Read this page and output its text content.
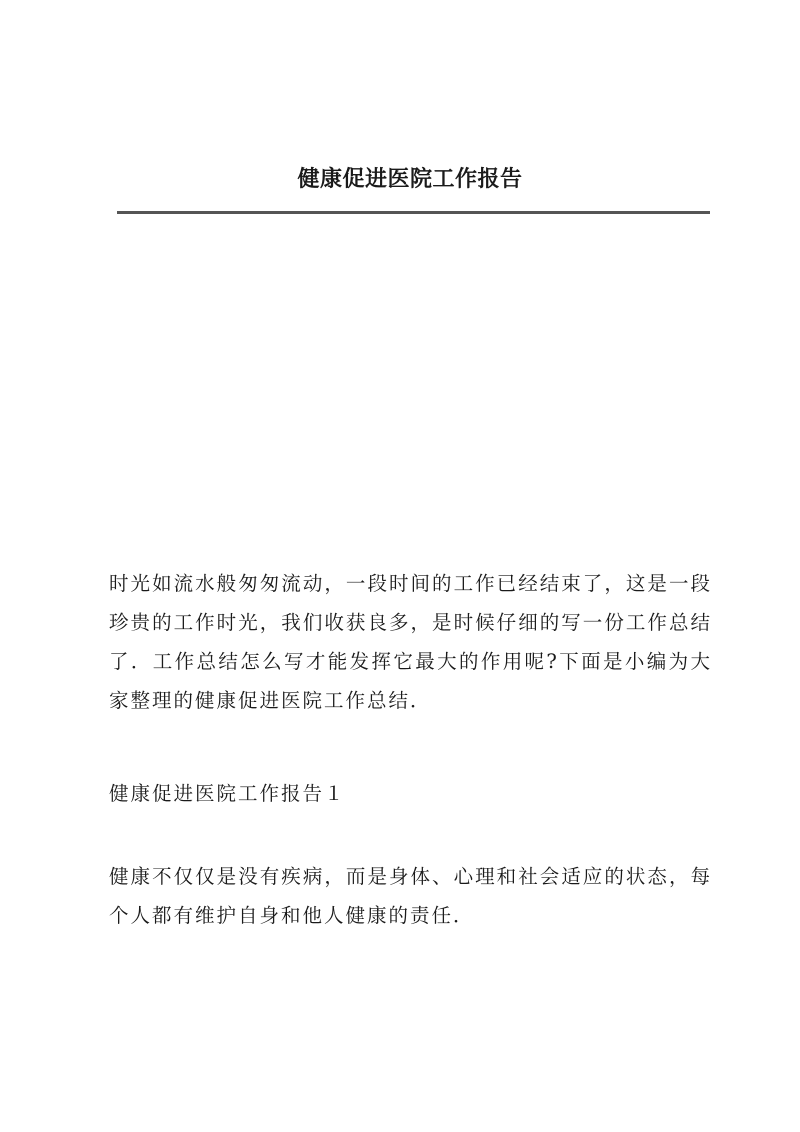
健康促进医院工作报告

时光如流水般匆匆流动，一段时间的工作已经结束了，这是一段珍贵的工作时光，我们收获良多，是时候仔细的写一份工作总结了．工作总结怎么写才能发挥它最大的作用呢?下面是小编为大家整理的健康促进医院工作总结．

健康促进医院工作报告１

健康不仅仅是没有疾病，而是身体、心理和社会适应的状态，每个人都有维护自身和他人健康的责任．
